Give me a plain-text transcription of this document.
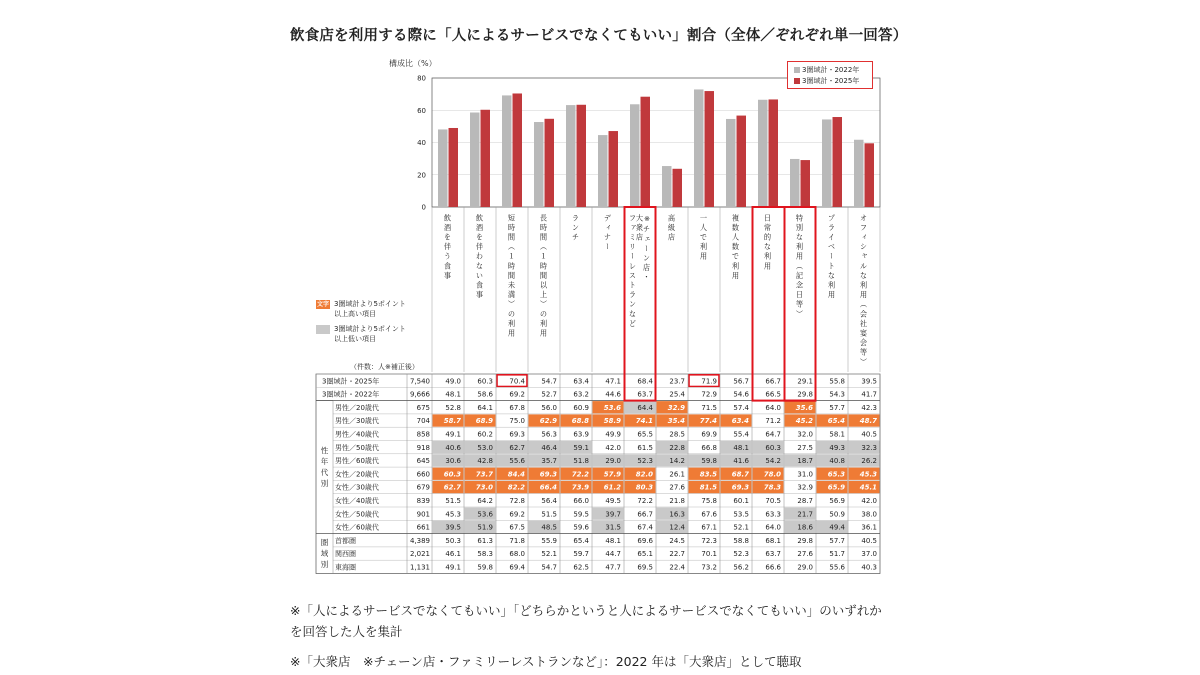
飲食店を利用する際に「人によるサービスでなくてもいい」割合（全体／ぞれぞれ単一回答）
80
60
40
20
0
飲酒を伴う食事	飲酒を伴わない食事	短時間︵１時間未満︶の利用	長時間︵１時間以上︶の利用	ランチ	ディナー	大衆店	高級店	一人で利用	複数人数で利用	日常的な利用	特別な利用︵記念日等︶	プライベートな利用	オフィシャルな利用︵会社宴会等︶
ファミリーレストランなど ※チェーン店・
3圏域計・2025年	7,540 49.0 60.3 70.4 54.7 63.4 47.1 68.4 23.7 71.9 56.7 66.7 29.1 55.8 39.5
3圏域計・2022年	9,666 48.1 58.6 69.2 52.7 63.2 44.6 63.7 25.4 72.9 54.6 66.5 29.8 54.3 41.7
男性／20歳代	675 52.8 64.1 67.8 56.0 60.9 53.6 64.4 32.9 71.5 57.4 64.0 35.6 57.7 42.3
男性／30歳代	704 58.7 68.9 75.0 62.9 68.8 58.9 74.1 35.4 77.4 63.4 71.2 45.2 65.4 48.7
男性／40歳代	858 49.1 60.2 69.3 56.3 63.9 49.9 65.5 28.5 69.9 55.4 64.7 32.0 58.1 40.5
男性／50歳代	918 40.6 53.0 62.7 46.4 59.1 42.0 61.5 22.8 66.8 48.1 60.3 27.5 49.3 32.3
男性／60歳代	645 30.6 42.8 55.6 35.7 51.8 29.0 52.3 14.2 59.8 41.6 54.2 18.7 40.8 26.2
女性／20歳代	660 60.3 73.7 84.4 69.3 72.2 57.9 82.0 26.1 83.5 68.7 78.0 31.0 65.3 45.3
女性／30歳代	679 62.7 73.0 82.2 66.4 73.9 61.2 80.3 27.6 81.5 69.3 78.3 32.9 65.9 45.1
女性／40歳代	839 51.5 64.2 72.8 56.4 66.0 49.5 72.2 21.8 75.8 60.1 70.5 28.7 56.9 42.0
女性／50歳代	901 45.3 53.6 69.2 51.5 59.5 39.7 66.7 16.3 67.6 53.5 63.3 21.7 50.9 38.0
女性／60歳代	661 39.5 51.9 67.5 48.5 59.6 31.5 67.4 12.4 67.1 52.1 64.0 18.6 49.4 36.1
首都圏	4,389 50.3 61.3 71.8 55.9 65.4 48.1 69.6 24.5 72.3 58.8 68.1 29.8 57.7 40.5
関西圏	2,021 46.1 58.3 68.0 52.1 59.7 44.7 65.1 22.7 70.1 52.3 63.7 27.6 51.7 37.0
東海圏	1,131 49.1 59.8 69.4 54.7 62.5 47.7 69.5 22.4 73.2 56.2 66.6 29.0 55.6 40.3
性年代別
圏域別
3圏域計・2022年
3圏域計・2025年
文字 3圏域計より5ポイント
以上高い項目
3圏域計より5ポイント
以上低い項目
（件数：人※補正後）
構成比（%）
※「人によるサービスでなくてもいい」「どちらかというと人によるサービスでなくてもいい」のいずれか
を回答した人を集計
※「大衆店　※チェーン店・ファミリーレストランなど」：2022 年は「大衆店」として聴取
